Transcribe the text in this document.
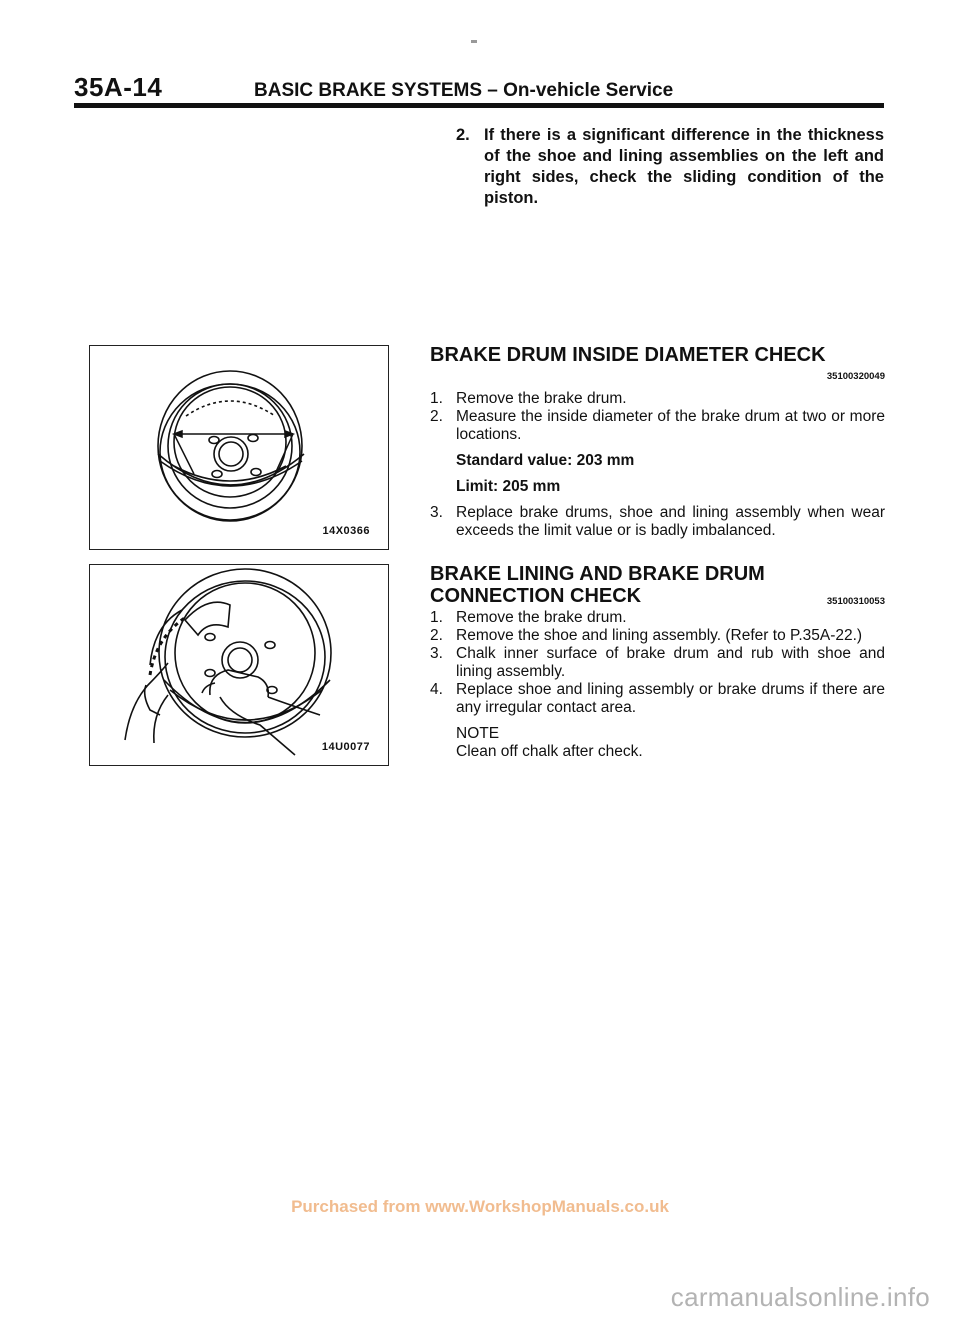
35A-14	BASIC BRAKE SYSTEMS – On-vehicle Service
2. If there is a significant difference in the thickness of the shoe and lining assemblies on the left and right sides, check the sliding condition of the piston.
14X0366
14U0077
BRAKE DRUM INSIDE DIAMETER CHECK
35100320049
1. Remove the brake drum.
2. Measure the inside diameter of the brake drum at two or more locations.
Standard value: 203 mm
Limit: 205 mm
3. Replace brake drums, shoe and lining assembly when wear exceeds the limit value or is badly imbalanced.
BRAKE LINING AND BRAKE DRUM
CONNECTION CHECK	35100310053
1. Remove the brake drum.
2. Remove the shoe and lining assembly. (Refer to P.35A-22.)
3. Chalk inner surface of brake drum and rub with shoe and lining assembly.
4. Replace shoe and lining assembly or brake drums if there are any irregular contact area.
NOTE
Clean off chalk after check.
Purchased from www.WorkshopManuals.co.uk
carmanualsonline.info
